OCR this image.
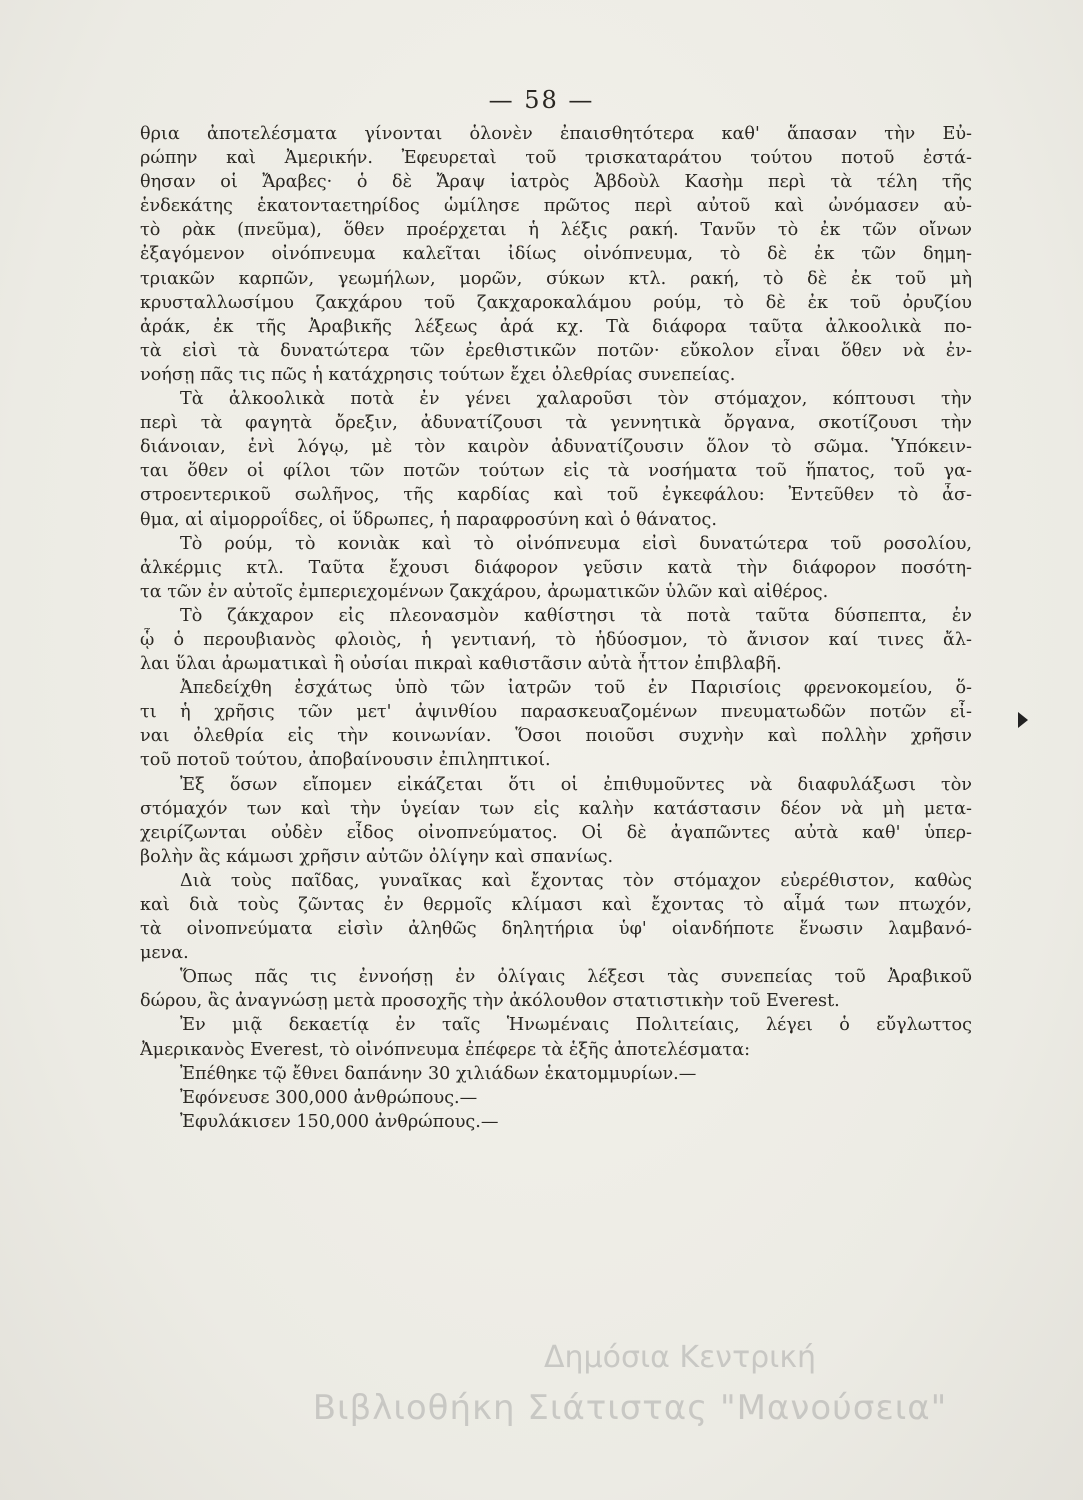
— 58 —
θρια ἀποτελέσματα γίνονται ὁλονὲν ἐπαισθητότερα καθ' ἅπασαν τὴν Εὐ-
ρώπην καὶ Ἀμερικήν. Ἐφευρεταὶ τοῦ τρισκαταράτου τούτου ποτοῦ ἐστά-
θησαν οἱ Ἄραβες· ὁ δὲ Ἄραψ ἰατρὸς Ἀβδοὺλ Κασὴμ περὶ τὰ τέλη τῆς
ἑνδεκάτης ἑκατονταετηρίδος ὡμίλησε πρῶτος περὶ αὐτοῦ καὶ ὠνόμασεν αὐ-
τὸ ρὰκ (πνεῦμα), ὅθεν προέρχεται ἡ λέξις ρακή. Τανῦν τὸ ἐκ τῶν οἴνων
ἐξαγόμενον οἰνόπνευμα καλεῖται ἰδίως οἰνόπνευμα, τὸ δὲ ἐκ τῶν δημη-
τριακῶν καρπῶν, γεωμήλων, μορῶν, σύκων κτλ. ρακή, τὸ δὲ ἐκ τοῦ μὴ
κρυσταλλωσίμου ζακχάρου τοῦ ζακχαροκαλάμου ρούμ, τὸ δὲ ἐκ τοῦ ὀρυζίου
ἀράκ, ἐκ τῆς Ἀραβικῆς λέξεως ἀρά κχ. Τὰ διάφορα ταῦτα ἀλκοολικὰ πο-
τὰ εἰσὶ τὰ δυνατώτερα τῶν ἐρεθιστικῶν ποτῶν· εὔκολον εἶναι ὅθεν νὰ ἐν-
νοήσῃ πᾶς τις πῶς ἡ κατάχρησις τούτων ἔχει ὀλεθρίας συνεπείας.
Τὰ ἀλκοολικὰ ποτὰ ἐν γένει χαλαροῦσι τὸν στόμαχον, κόπτουσι τὴν
περὶ τὰ φαγητὰ ὄρεξιν, ἀδυνατίζουσι τὰ γεννητικὰ ὄργανα, σκοτίζουσι τὴν
διάνοιαν, ἑνὶ λόγῳ, μὲ τὸν καιρὸν ἀδυνατίζουσιν ὅλον τὸ σῶμα. Ὑπόκειν-
ται ὅθεν οἱ φίλοι τῶν ποτῶν τούτων εἰς τὰ νοσήματα τοῦ ἥπατος, τοῦ γα-
στροεντερικοῦ σωλῆνος, τῆς καρδίας καὶ τοῦ ἐγκεφάλου: Ἐντεῦθεν τὸ ἆσ-
θμα, αἱ αἱμορροΐδες, οἱ ὕδρωπες, ἡ παραφροσύνη καὶ ὁ θάνατος.
Τὸ ρούμ, τὸ κονιὰκ καὶ τὸ οἰνόπνευμα εἰσὶ δυνατώτερα τοῦ ροσολίου,
ἀλκέρμις κτλ. Ταῦτα ἔχουσι διάφορον γεῦσιν κατὰ τὴν διάφορον ποσότη-
τα τῶν ἐν αὐτοῖς ἐμπεριεχομένων ζακχάρου, ἀρωματικῶν ὑλῶν καὶ αἰθέρος.
Τὸ ζάκχαρον εἰς πλεονασμὸν καθίστησι τὰ ποτὰ ταῦτα δύσπεπτα, ἐν
ᾧ ὁ περουβιανὸς φλοιὸς, ἡ γεντιανή, τὸ ἡδύοσμον, τὸ ἄνισον καί τινες ἄλ-
λαι ὕλαι ἀρωματικαὶ ἢ οὐσίαι πικραὶ καθιστᾶσιν αὐτὰ ἧττον ἐπιβλαβῆ.
Ἀπεδείχθη ἐσχάτως ὑπὸ τῶν ἰατρῶν τοῦ ἐν Παρισίοις φρενοκομείου, ὅ-
τι ἡ χρῆσις τῶν μετ' ἀψινθίου παρασκευαζομένων πνευματωδῶν ποτῶν εἶ-
ναι ὀλεθρία εἰς τὴν κοινωνίαν. Ὅσοι ποιοῦσι συχνὴν καὶ πολλὴν χρῆσιν
τοῦ ποτοῦ τούτου, ἀποβαίνουσιν ἐπιληπτικοί.
Ἐξ ὅσων εἴπομεν εἰκάζεται ὅτι οἱ ἐπιθυμοῦντες νὰ διαφυλάξωσι τὸν
στόμαχόν των καὶ τὴν ὑγείαν των εἰς καλὴν κατάστασιν δέον νὰ μὴ μετα-
χειρίζωνται οὐδὲν εἶδος οἰνοπνεύματος. Οἱ δὲ ἀγαπῶντες αὐτὰ καθ' ὑπερ-
βολὴν ἂς κάμωσι χρῆσιν αὐτῶν ὀλίγην καὶ σπανίως.
Διὰ τοὺς παῖδας, γυναῖκας καὶ ἔχοντας τὸν στόμαχον εὐερέθιστον, καθὼς
καὶ διὰ τοὺς ζῶντας ἐν θερμοῖς κλίμασι καὶ ἔχοντας τὸ αἷμά των πτωχόν,
τὰ οἰνοπνεύματα εἰσὶν ἀληθῶς δηλητήρια ὑφ' οἱανδήποτε ἕνωσιν λαμβανό-
μενα.
Ὅπως πᾶς τις ἐννοήσῃ ἐν ὀλίγαις λέξεσι τὰς συνεπείας τοῦ Ἀραβικοῦ
δώρου, ἂς ἀναγνώσῃ μετὰ προσοχῆς τὴν ἀκόλουθον στατιστικὴν τοῦ Everest.
Ἐν μιᾷ δεκαετίᾳ ἐν ταῖς Ἡνωμέναις Πολιτείαις, λέγει ὁ εὔγλωττος
Ἀμερικανὸς Everest, τὸ οἰνόπνευμα ἐπέφερε τὰ ἑξῆς ἀποτελέσματα:
Ἐπέθηκε τῷ ἔθνει δαπάνην 30 χιλιάδων ἑκατομμυρίων.—
Ἐφόνευσε 300,000 ἀνθρώπους.—
Ἐφυλάκισεν 150,000 ἀνθρώπους.—
Δημόσια Κεντρική
Βιβλιοθήκη Σιάτιστας "Μανούσεια"
